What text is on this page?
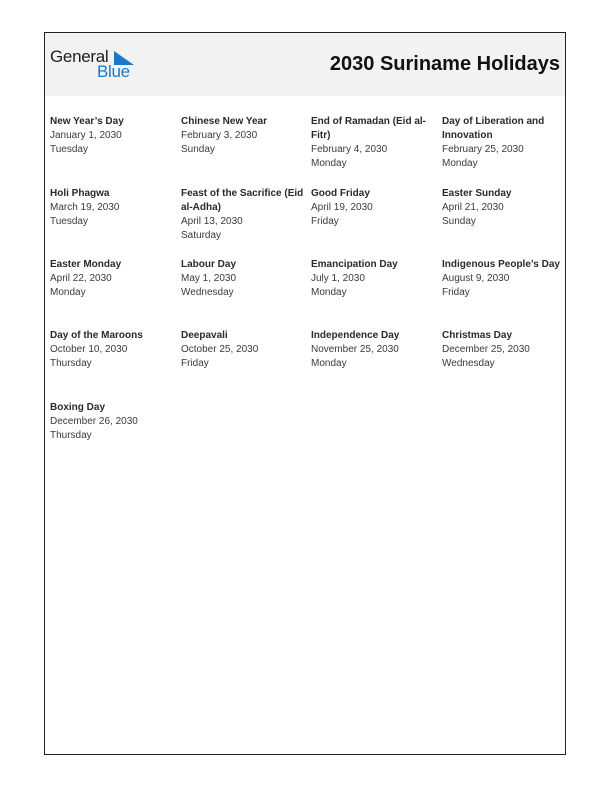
General
Blue	2030 Suriname Holidays
New Year’s Day
January 1, 2030
Tuesday
Chinese New Year
February 3, 2030
Sunday
End of Ramadan (Eid al-Fitr)
February 4, 2030
Monday
Day of Liberation and Innovation
February 25, 2030
Monday
Holi Phagwa
March 19, 2030
Tuesday
Feast of the Sacrifice (Eid al-Adha)
April 13, 2030
Saturday
Good Friday
April 19, 2030
Friday
Easter Sunday
April 21, 2030
Sunday
Easter Monday
April 22, 2030
Monday
Labour Day
May 1, 2030
Wednesday
Emancipation Day
July 1, 2030
Monday
Indigenous People’s Day
August 9, 2030
Friday
Day of the Maroons
October 10, 2030
Thursday
Deepavali
October 25, 2030
Friday
Independence Day
November 25, 2030
Monday
Christmas Day
December 25, 2030
Wednesday
Boxing Day
December 26, 2030
Thursday
